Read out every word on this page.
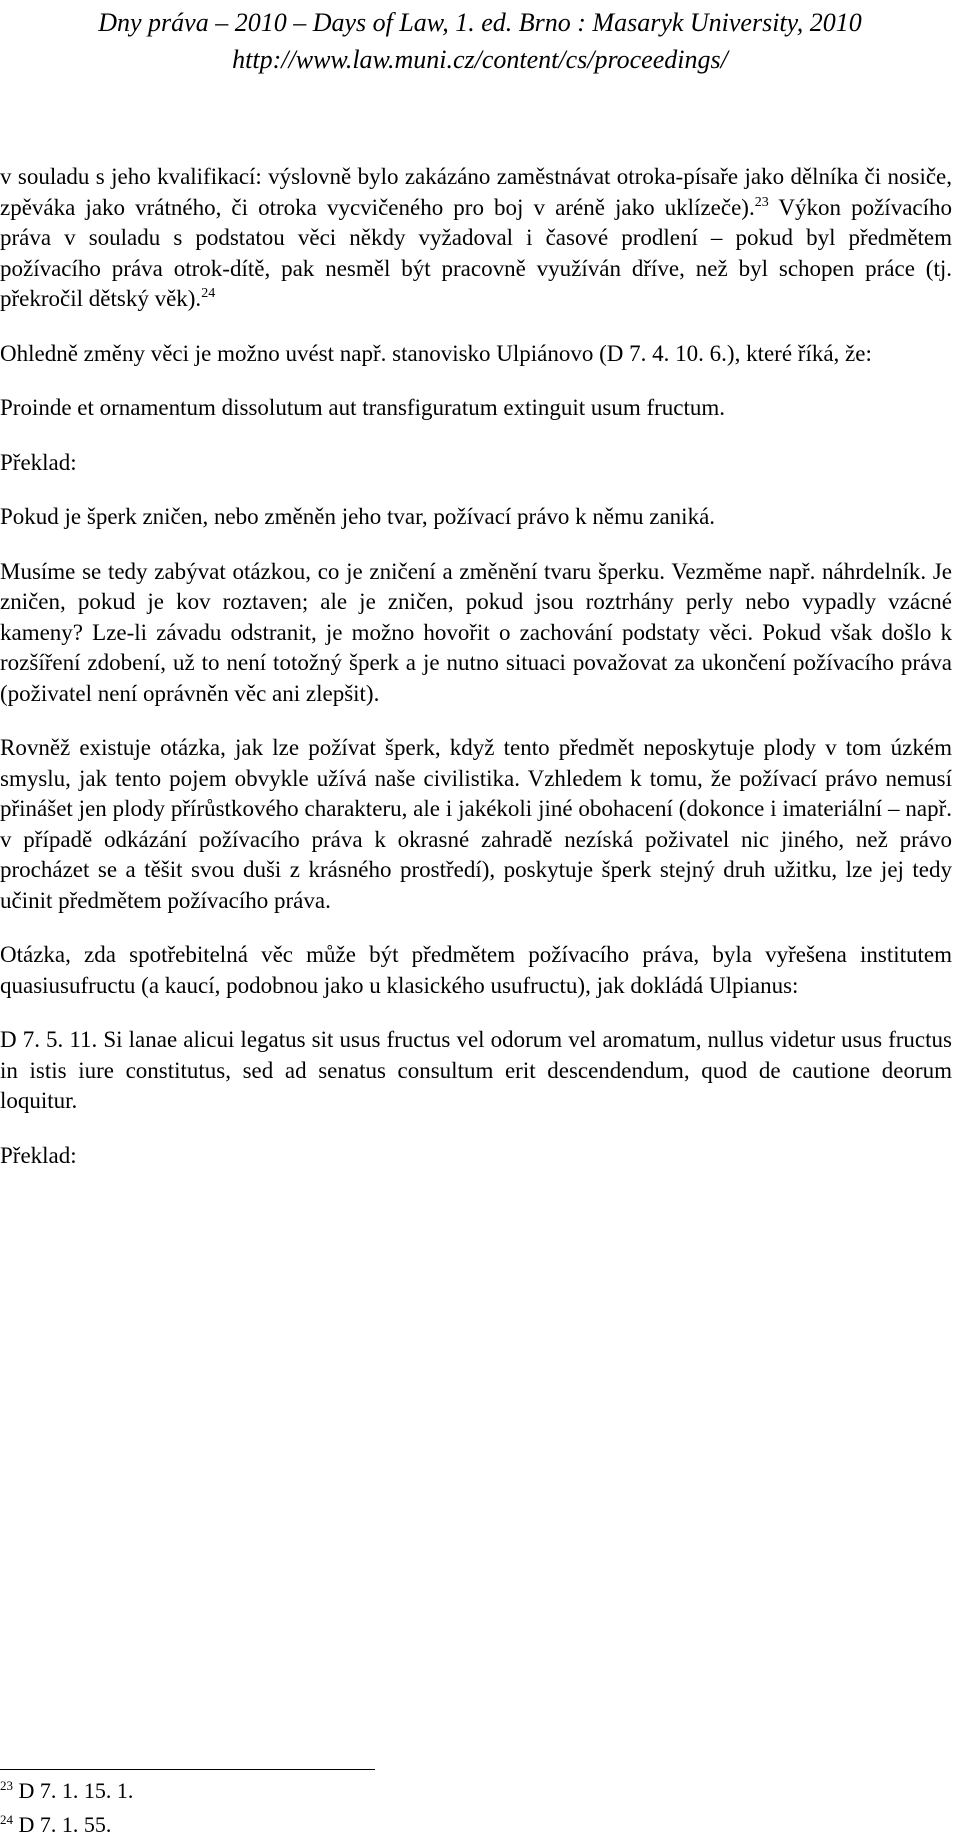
Dny práva – 2010 – Days of Law, 1. ed. Brno : Masaryk University, 2010
http://www.law.muni.cz/content/cs/proceedings/

v souladu s jeho kvalifikací: výslovně bylo zakázáno zaměstnávat otroka-písaře jako dělníka či nosiče, zpěváka jako vrátného, či otroka vycvičeného pro boj v aréně jako uklízeče).$^{23}$ Výkon požívacího práva v souladu s podstatou věci někdy vyžadoval i časové prodlení – pokud byl předmětem požívacího práva otrok-dítě, pak nesměl být pracovně využíván dříve, než byl schopen práce (tj. překročil dětský věk).$^{24}$

Ohledně změny věci je možno uvést např. stanovisko Ulpiánovo (D 7. 4. 10. 6.), které říká, že:

Proinde et ornamentum dissolutum aut transfiguratum extinguit usum fructum.

Překlad:

Pokud je šperk zničen, nebo změněn jeho tvar, požívací právo k němu zaniká.

Musíme se tedy zabývat otázkou, co je zničení a změnění tvaru šperku. Vezměme např. náhrdelník. Je zničen, pokud je kov roztaven; ale je zničen, pokud jsou roztrhány perly nebo vypadly vzácné kameny? Lze-li závadu odstranit, je možno hovořit o zachování podstaty věci. Pokud však došlo k rozšíření zdobení, už to není totožný šperk a je nutno situaci považovat za ukončení požívacího práva (poživatel není oprávněn věc ani zlepšit).

Rovněž existuje otázka, jak lze požívat šperk, když tento předmět neposkytuje plody v tom úzkém smyslu, jak tento pojem obvykle užívá naše civilistika. Vzhledem k tomu, že požívací právo nemusí přinášet jen plody přírůstkového charakteru, ale i jakékoli jiné obohacení (dokonce i imateriální – např. v případě odkázání požívacího práva k okrasné zahradě nezíská poživatel nic jiného, než právo procházet se a těšit svou duši z krásného prostředí), poskytuje šperk stejný druh užitku, lze jej tedy učinit předmětem požívacího práva.

Otázka, zda spotřebitelná věc může být předmětem požívacího práva, byla vyřešena institutem quasiusufructu (a kaucí, podobnou jako u klasického usufructu), jak dokládá Ulpianus:

D 7. 5. 11. Si lanae alicui legatus sit usus fructus vel odorum vel aromatum, nullus videtur usus fructus in istis iure constitutus, sed ad senatus consultum erit descendendum, quod de cautione deorum loquitur.

Překlad:

$^{23}$ D 7. 1. 15. 1.
$^{24}$ D 7. 1. 55.
